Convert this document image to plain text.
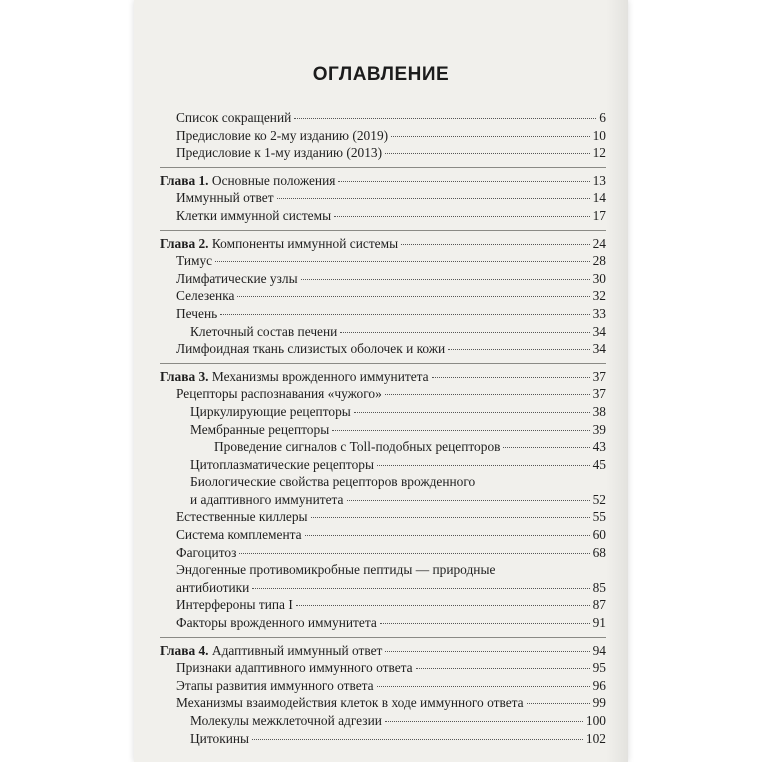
ОГЛАВЛЕНИЕ
Список сокращений	6
Предисловие ко 2-му изданию (2019)	10
Предисловие к 1-му изданию (2013)	12
Глава 1. Основные положения	13
Иммунный ответ	14
Клетки иммунной системы	17
Глава 2. Компоненты иммунной системы	24
Тимус	28
Лимфатические узлы	30
Селезенка	32
Печень	33
Клеточный состав печени	34
Лимфоидная ткань слизистых оболочек и кожи	34
Глава 3. Механизмы врожденного иммунитета	37
Рецепторы распознавания «чужого»	37
Циркулирующие рецепторы	38
Мембранные рецепторы	39
Проведение сигналов с Toll-подобных рецепторов	43
Цитоплазматические рецепторы	45
Биологические свойства рецепторов врожденного
и адаптивного иммунитета	52
Естественные киллеры	55
Система комплемента	60
Фагоцитоз	68
Эндогенные противомикробные пептиды — природные
антибиотики	85
Интерфероны типа I	87
Факторы врожденного иммунитета	91
Глава 4. Адаптивный иммунный ответ	94
Признаки адаптивного иммунного ответа	95
Этапы развития иммунного ответа	96
Механизмы взаимодействия клеток в ходе иммунного ответа	99
Молекулы межклеточной адгезии	100
Цитокины	102
